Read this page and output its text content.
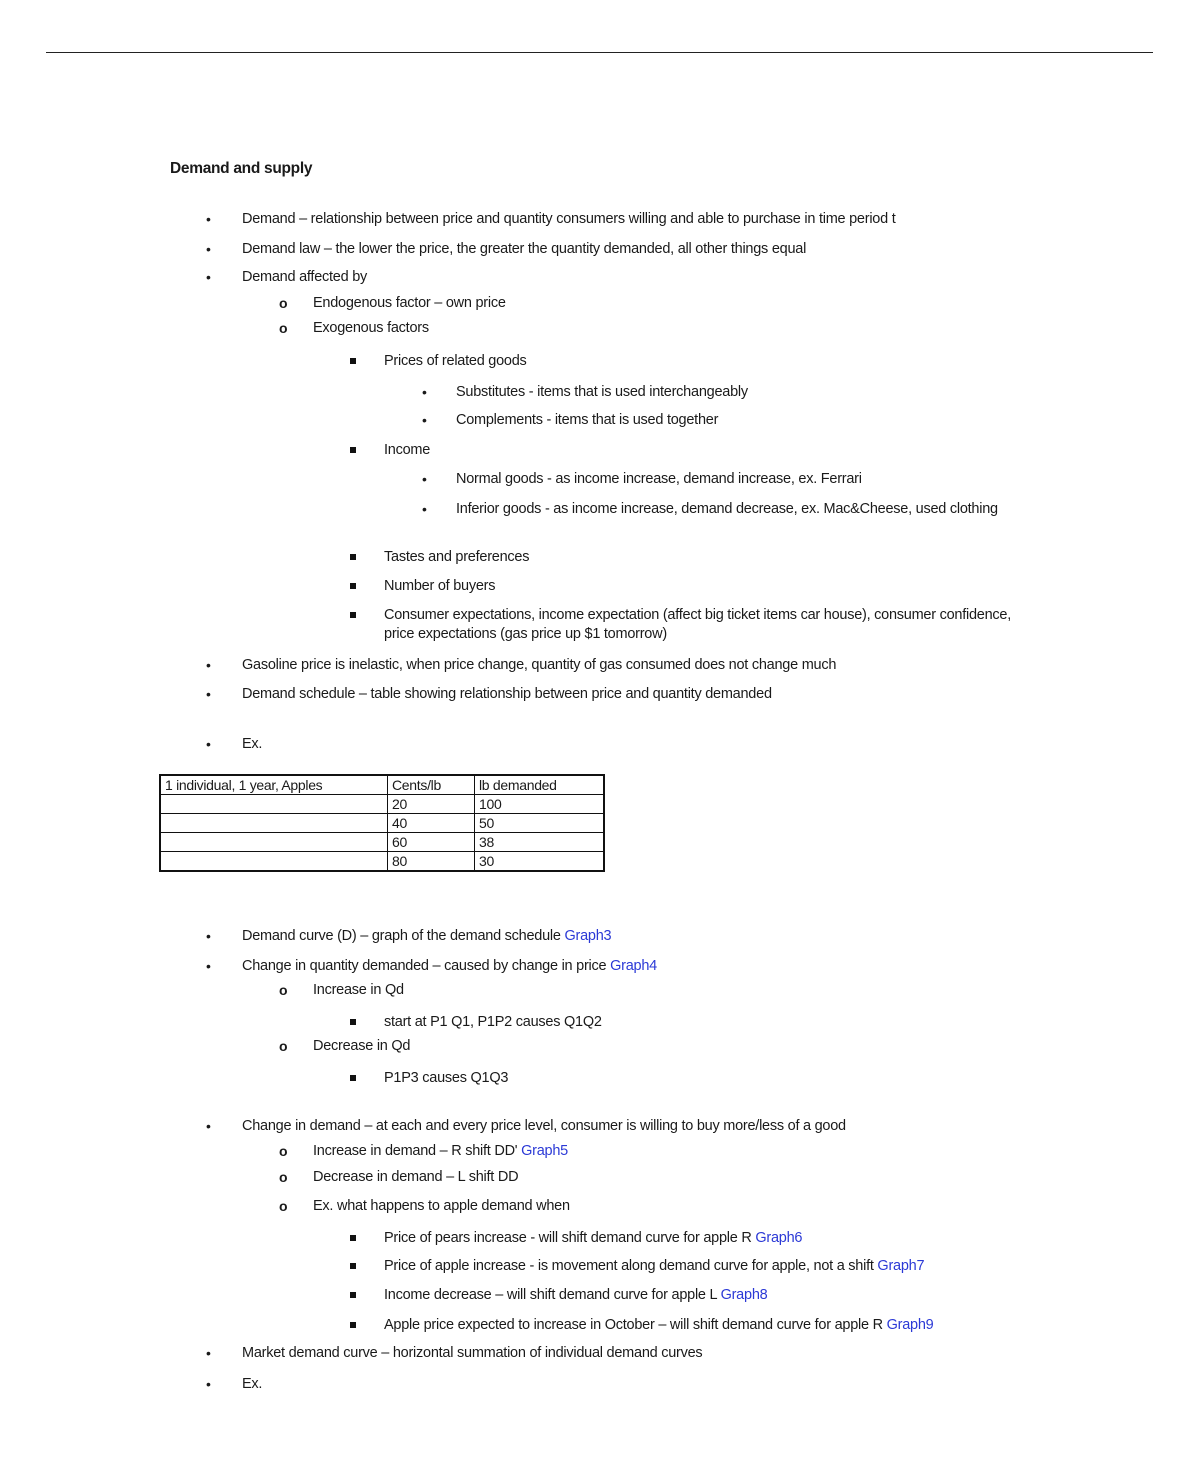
Demand and supply
• Demand – relationship between price and quantity consumers willing and able to purchase in time period t
• Demand law – the lower the price, the greater the quantity demanded, all other things equal
• Demand affected by
o Endogenous factor – own price
o Exogenous factors
Prices of related goods
• Substitutes - items that is used interchangeably
• Complements - items that is used together
Income
• Normal goods - as income increase, demand increase, ex. Ferrari
• Inferior goods - as income increase, demand decrease, ex. Mac&Cheese, used clothing
Tastes and preferences
Number of buyers
Consumer expectations, income expectation (affect big ticket items car house), consumer confidence, price expectations (gas price up $1 tomorrow)
• Gasoline price is inelastic, when price change, quantity of gas consumed does not change much
• Demand schedule – table showing relationship between price and quantity demanded
• Ex.
• Demand curve (D) – graph of the demand schedule Graph3
• Change in quantity demanded – caused by change in price Graph4
o Increase in Qd
start at P1 Q1, P1P2 causes Q1Q2
o Decrease in Qd
P1P3 causes Q1Q3
• Change in demand – at each and every price level, consumer is willing to buy more/less of a good
o Increase in demand – R shift DD' Graph5
o Decrease in demand – L shift DD
o Ex. what happens to apple demand when
Price of pears increase - will shift demand curve for apple R Graph6
Price of apple increase - is movement along demand curve for apple, not a shift Graph7
Income decrease – will shift demand curve for apple L Graph8
Apple price expected to increase in October – will shift demand curve for apple R Graph9
• Market demand curve – horizontal summation of individual demand curves
• Ex.
1 individual, 1 year, Apples	Cents/lb	lb demanded
	20	100
	40	50
	60	38
	80	30
